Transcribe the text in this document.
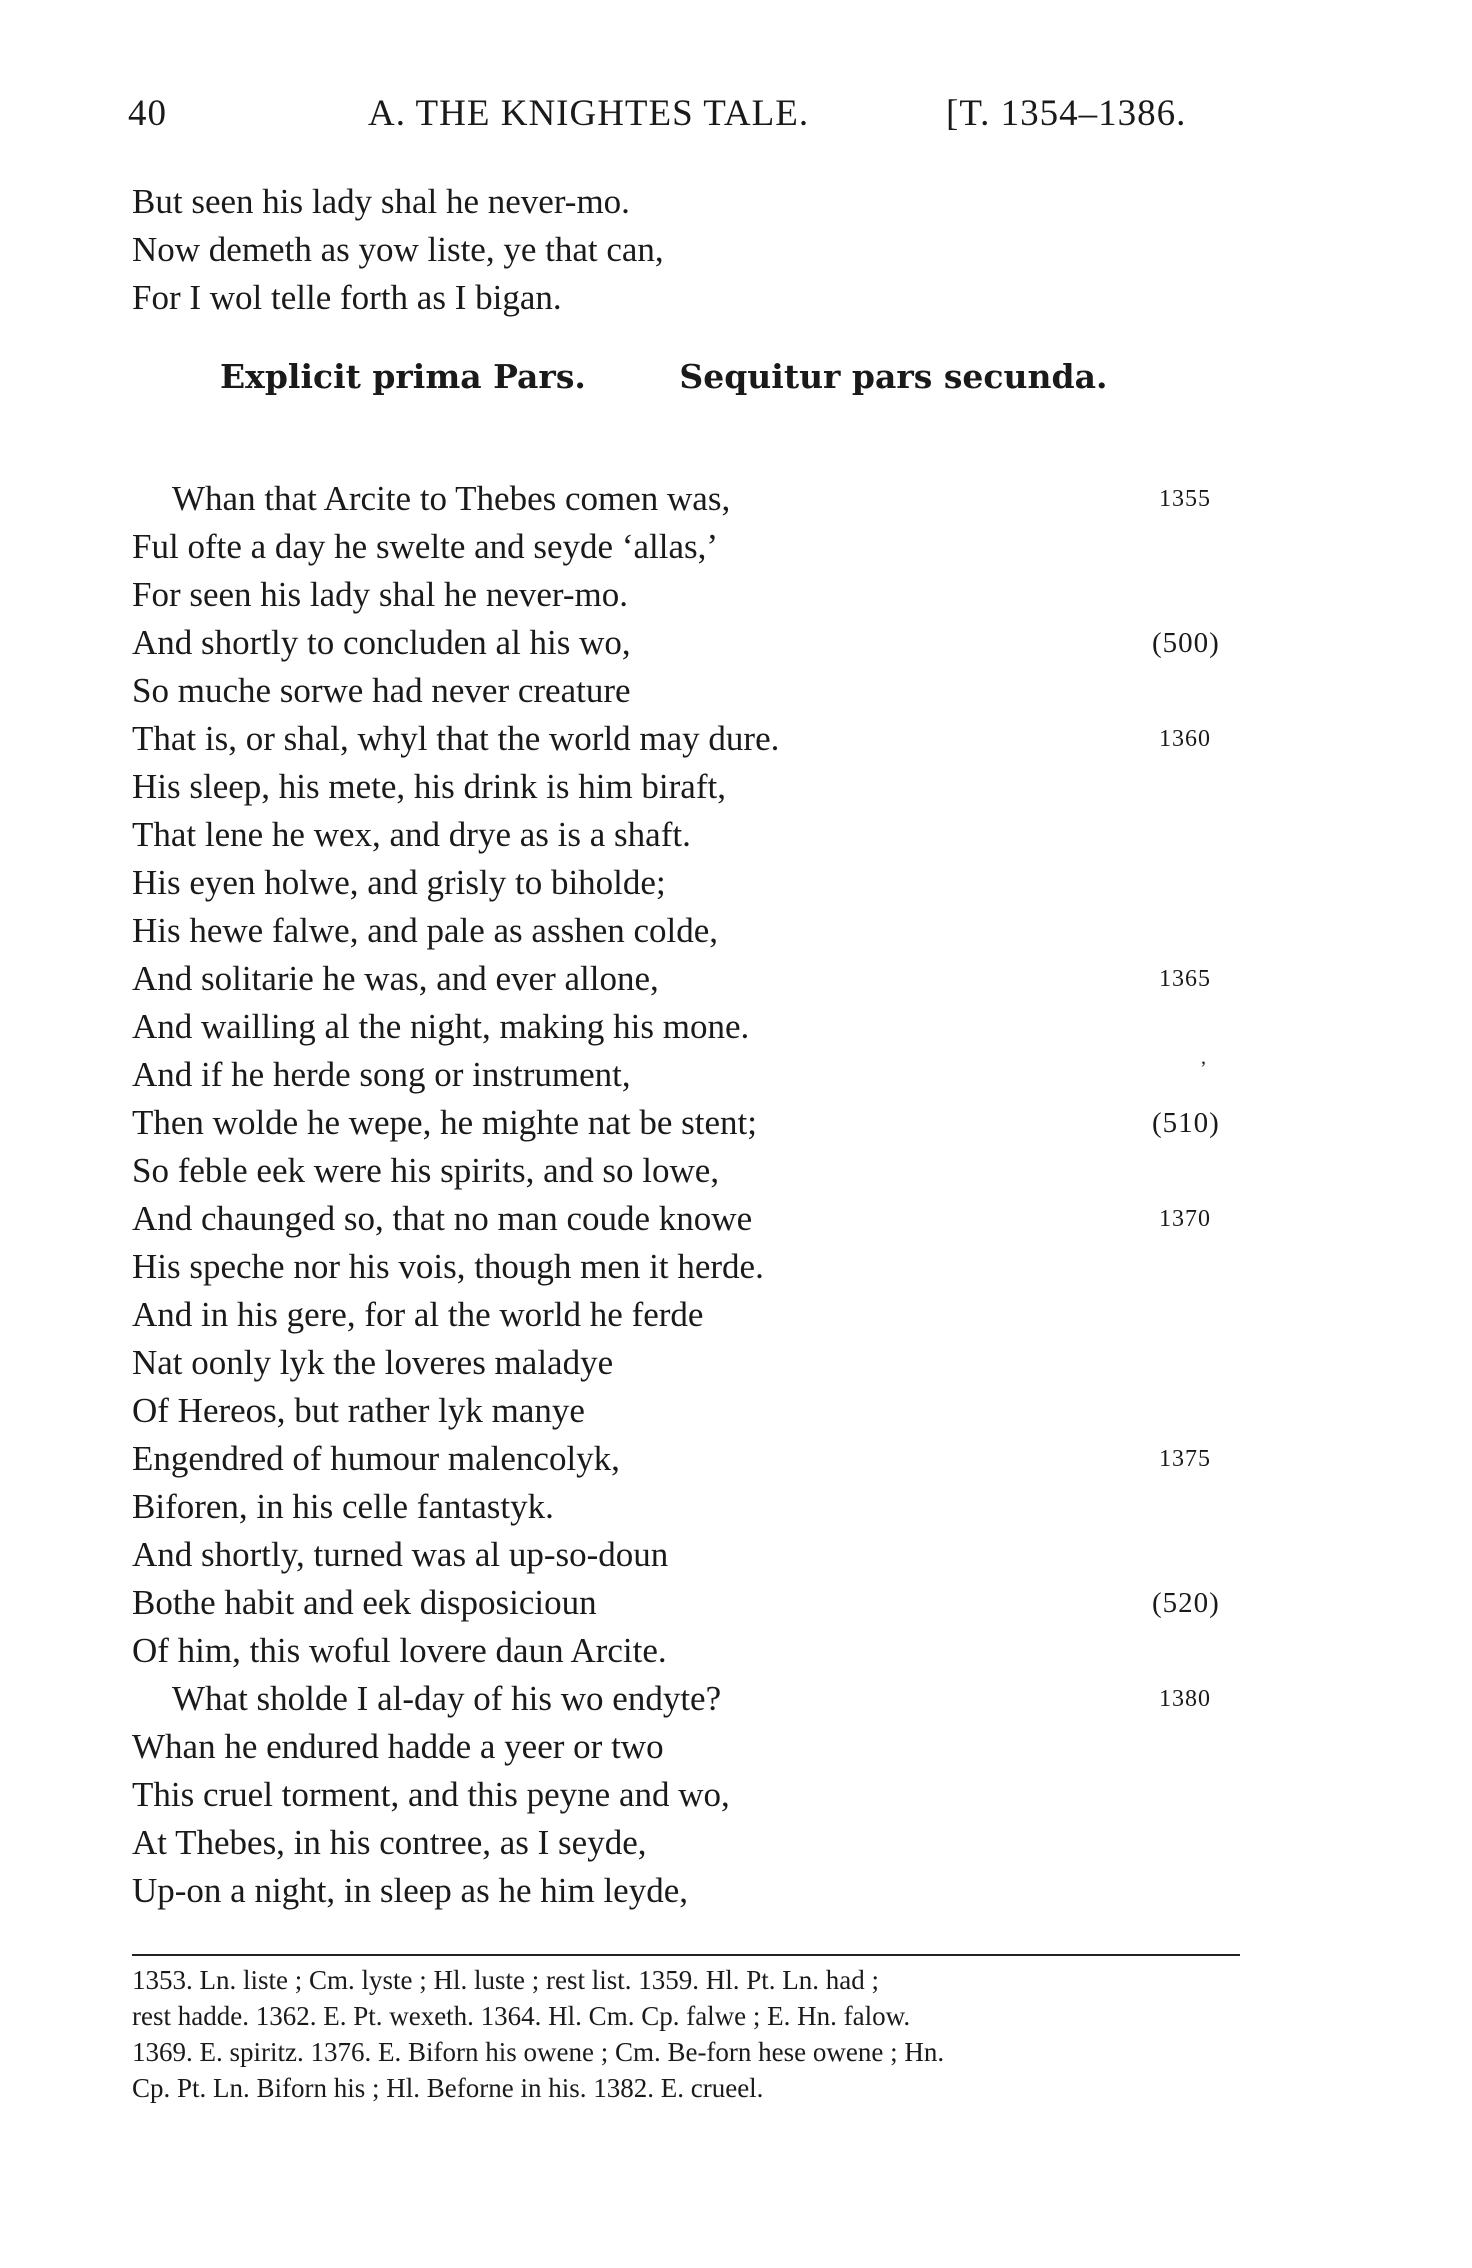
40	A. THE KNIGHTES TALE.	[T. 1354–1386.
But seen his lady shal he never-mo.
Now demeth as yow liste, ye that can,
For I wol telle forth as I bigan.
Explicit prima Pars.	Sequitur pars secunda.
Whan that Arcite to Thebes comen was,	1355
Ful ofte a day he swelte and seyde ‘allas,’
For seen his lady shal he never-mo.
And shortly to concluden al his wo,	(500)
So muche sorwe had never creature
That is, or shal, whyl that the world may dure.	1360
His sleep, his mete, his drink is him biraft,
That lene he wex, and drye as is a shaft.
His eyen holwe, and grisly to biholde;
His hewe falwe, and pale as asshen colde,
And solitarie he was, and ever allone,	1365
And wailling al the night, making his mone.
And if he herde song or instrument,
Then wolde he wepe, he mighte nat be stent;	(510)
So feble eek were his spirits, and so lowe,
And chaunged so, that no man coude knowe	1370
His speche nor his vois, though men it herde.
And in his gere, for al the world he ferde
Nat oonly lyk the loveres maladye
Of Hereos, but rather lyk manye
Engendred of humour malencolyk,	1375
Biforen, in his celle fantastyk.
And shortly, turned was al up-so-doun
Bothe habit and eek disposicioun	(520)
Of him, this woful lovere daun Arcite.
What sholde I al-day of his wo endyte?	1380
Whan he endured hadde a yeer or two
This cruel torment, and this peyne and wo,
At Thebes, in his contree, as I seyde,
Up-on a night, in sleep as he him leyde,
ʼ
1353. Ln. liste ; Cm. lyste ; Hl. luste ; rest list. 1359. Hl. Pt. Ln. had ;
rest hadde. 1362. E. Pt. wexeth. 1364. Hl. Cm. Cp. falwe ; E. Hn. falow.
1369. E. spiritz. 1376. E. Biforn his owene ; Cm. Be-forn hese owene ; Hn.
Cp. Pt. Ln. Biforn his ; Hl. Beforne in his. 1382. E. crueel.
